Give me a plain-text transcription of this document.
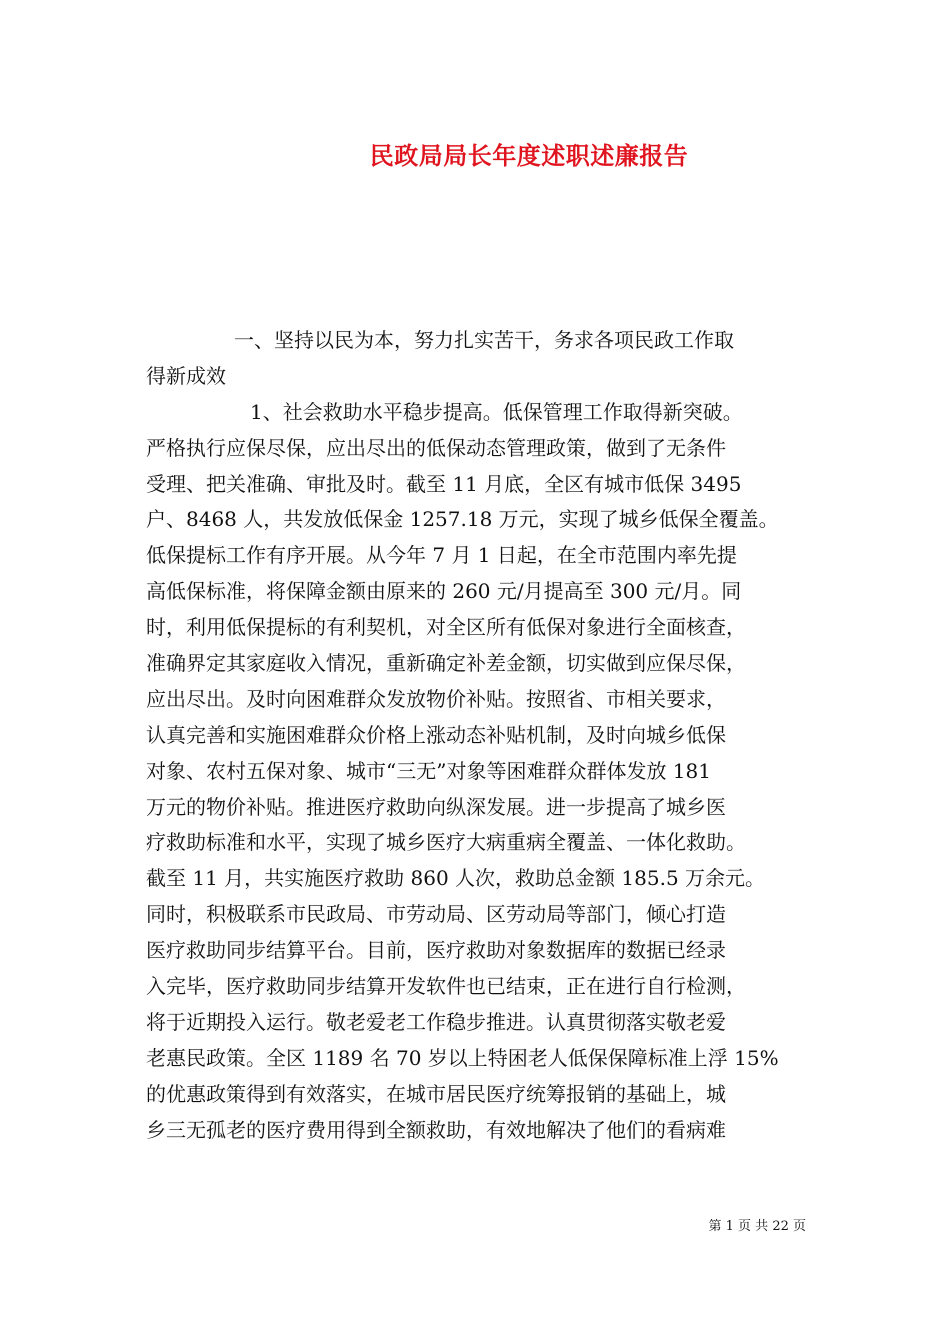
民政局局长年度述职述廉报告
一、坚持以民为本，努力扎实苦干，务求各项民政工作取
得新成效
1、社会救助水平稳步提高。低保管理工作取得新突破。
严格执行应保尽保，应出尽出的低保动态管理政策，做到了无条件
受理、把关准确、审批及时。截至 11 月底，全区有城市低保 3495
户、8468 人，共发放低保金 1257.18 万元，实现了城乡低保全覆盖。
低保提标工作有序开展。从今年 7 月 1 日起，在全市范围内率先提
高低保标准，将保障金额由原来的 260 元/月提高至 300 元/月。同
时，利用低保提标的有利契机，对全区所有低保对象进行全面核查，
准确界定其家庭收入情况，重新确定补差金额，切实做到应保尽保，
应出尽出。及时向困难群众发放物价补贴。按照省、市相关要求，
认真完善和实施困难群众价格上涨动态补贴机制，及时向城乡低保
对象、农村五保对象、城市“三无”对象等困难群众群体发放 181
万元的物价补贴。推进医疗救助向纵深发展。进一步提高了城乡医
疗救助标准和水平，实现了城乡医疗大病重病全覆盖、一体化救助。
截至 11 月，共实施医疗救助 860 人次，救助总金额 185.5 万余元。
同时，积极联系市民政局、市劳动局、区劳动局等部门，倾心打造
医疗救助同步结算平台。目前，医疗救助对象数据库的数据已经录
入完毕，医疗救助同步结算开发软件也已结束，正在进行自行检测，
将于近期投入运行。敬老爱老工作稳步推进。认真贯彻落实敬老爱
老惠民政策。全区 1189 名 70 岁以上特困老人低保保障标准上浮 15%
的优惠政策得到有效落实，在城市居民医疗统筹报销的基础上，城
乡三无孤老的医疗费用得到全额救助，有效地解决了他们的看病难
第 1 页 共 22 页
